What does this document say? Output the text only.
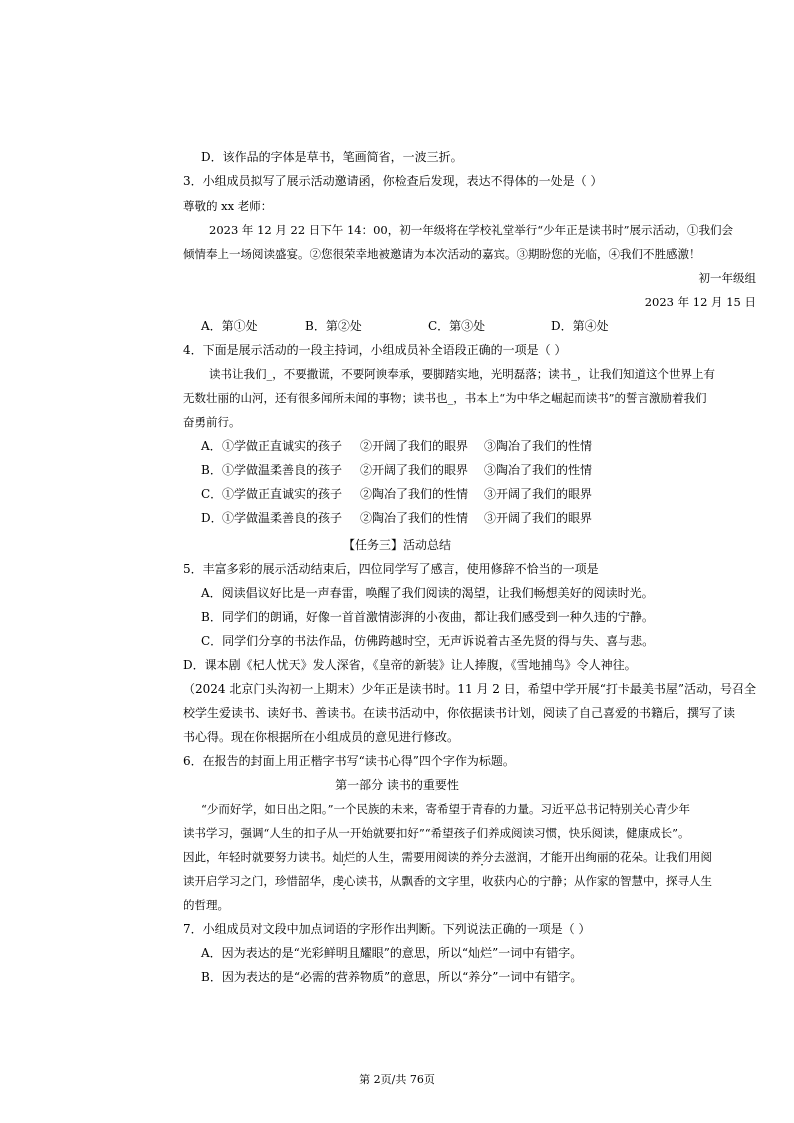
D．该作品的字体是草书，笔画简省，一波三折。
3．小组成员拟写了展示活动邀请函，你检查后发现，表达不得体的一处是（ ）
尊敬的 xx 老师：
2023 年 12 月 22 日下午 14：00，初一年级将在学校礼堂举行“少年正是读书时”展示活动，①我们会
倾情奉上一场阅读盛宴。②您很荣幸地被邀请为本次活动的嘉宾。③期盼您的光临，④我们不胜感激！
初一年级组
2023 年 12 月 15 日
A．第①处	B．第②处	C．第③处	D．第④处
4．下面是展示活动的一段主持词，小组成员补全语段正确的一项是（ ）
读书让我们_，不要撒谎，不要阿谀奉承，要脚踏实地，光明磊落；读书_，让我们知道这个世界上有
无数壮丽的山河，还有很多闻所未闻的事物；读书也_，书本上“为中华之崛起而读书”的誓言激励着我们
奋勇前行。
A． ①学做正直诚实的孩子 ②开阔了我们的眼界 ③陶冶了我们的性情
B． ①学做温柔善良的孩子 ②开阔了我们的眼界 ③陶冶了我们的性情
C． ①学做正直诚实的孩子 ②陶冶了我们的性情 ③开阔了我们的眼界
D． ①学做温柔善良的孩子 ②陶冶了我们的性情 ③开阔了我们的眼界
【任务三】活动总结
5．丰富多彩的展示活动结束后，四位同学写了感言，使用修辞不恰当的一项是
A．阅读倡议好比是一声春雷，唤醒了我们阅读的渴望，让我们畅想美好的阅读时光。
B．同学们的朗诵，好像一首首激情澎湃的小夜曲，都让我们感受到一种久违的宁静。
C．同学们分享的书法作品，仿佛跨越时空，无声诉说着古圣先贤的得与失、喜与悲。
D．课本剧《杞人忧天》发人深省，《皇帝的新装》让人捧腹，《雪地捕鸟》令人神往。
（2024 北京门头沟初一上期末）少年正是读书时。11 月 2 日，希望中学开展“打卡最美书屋”活动，号召全
校学生爱读书、读好书、善读书。在读书活动中，你依据读书计划，阅读了自己喜爱的书籍后，撰写了读
书心得。现在你根据所在小组成员的意见进行修改。
6．在报告的封面上用正楷字书写“读书心得”四个字作为标题。
第一部分 读书的重要性
“少而好学，如日出之阳。”一个民族的未来，寄希望于青春的力量。习近平总书记特别关心青少年
读书学习，强调“人生的扣子从一开始就要扣好”“希望孩子们养成阅读习惯，快乐阅读，健康成长”。
因此，年轻时就要努力读书。灿烂的人生，需要用阅读的养分去滋润，才能开出绚丽的花朵。让我们用阅
读开启学习之门，珍惜韶华，虔心读书，从飘香的文字里，收获内心的宁静；从作家的智慧中，探寻人生
的哲理。
7．小组成员对文段中加点词语的字形作出判断。下列说法正确的一项是（ ）
A．因为表达的是“光彩鲜明且耀眼”的意思，所以“灿烂”一词中有错字。
B．因为表达的是“必需的营养物质”的意思，所以“养分”一词中有错字。
第 2页/共 76页
